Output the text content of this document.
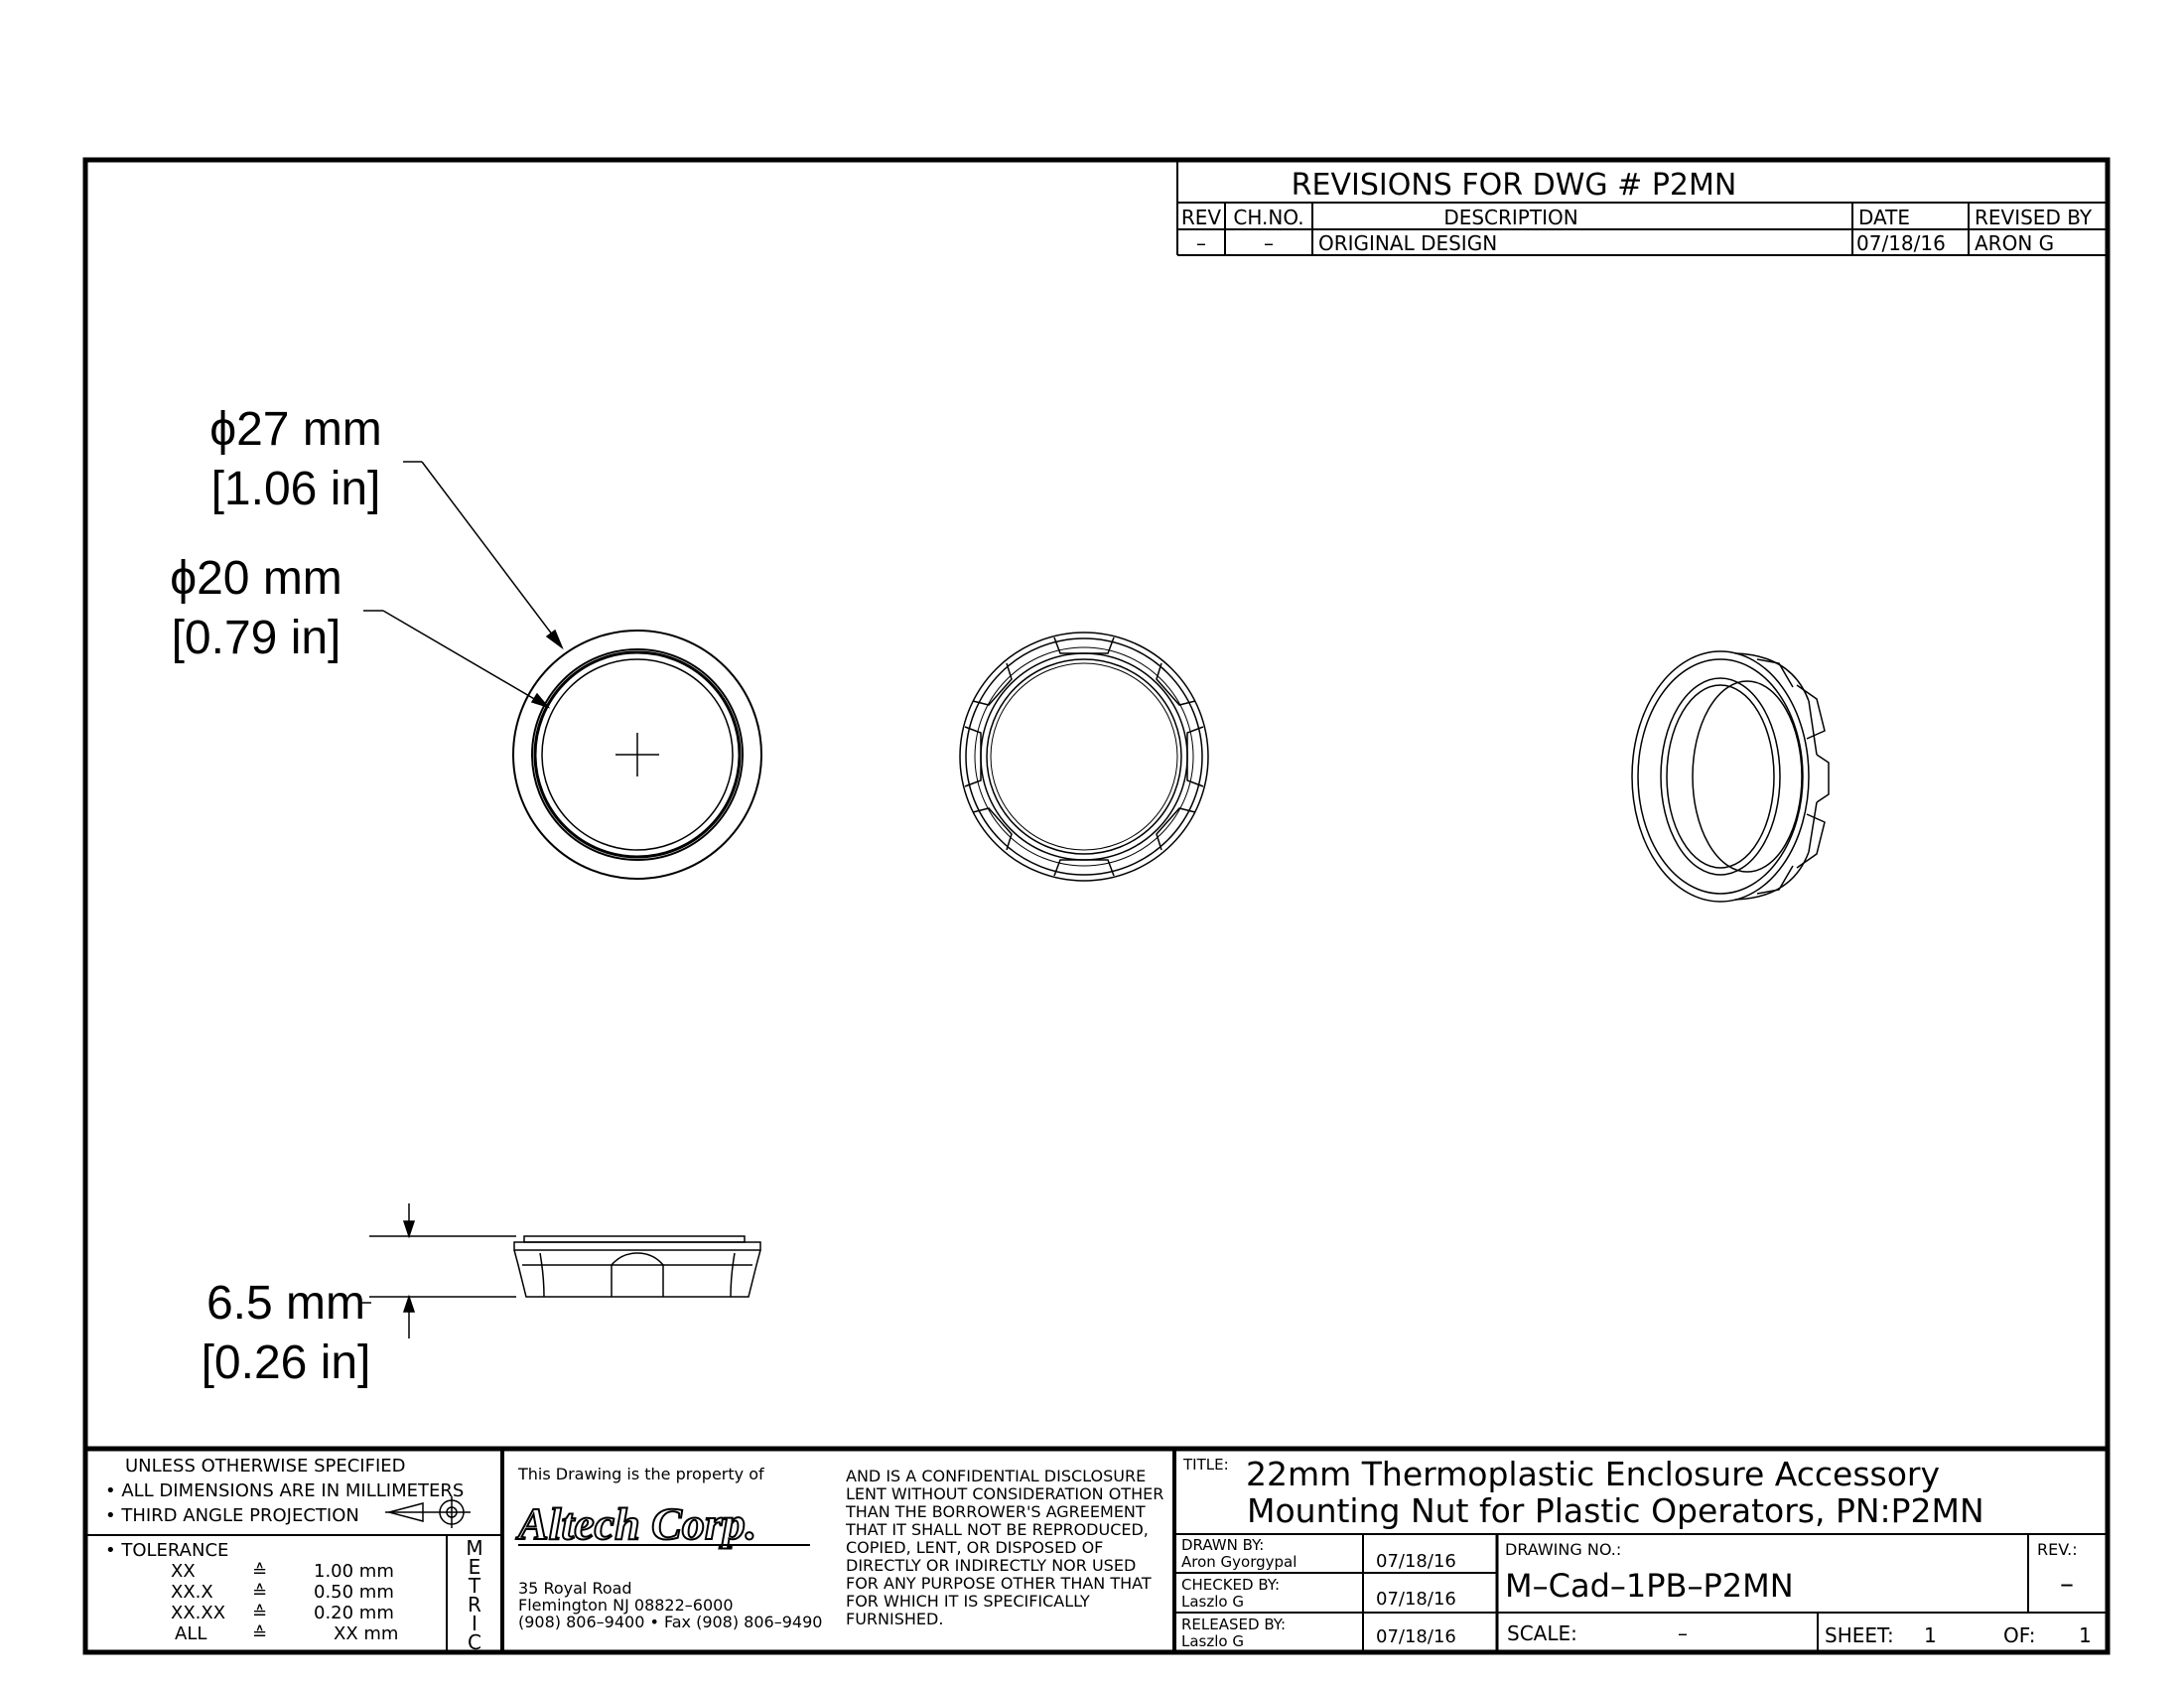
REVISIONS FOR DWG # P2MN
REV CH.NO.	DESCRIPTION	DATE	REVISED BY
–	– ORIGINAL DESIGN	07/18/16 ARON G
ϕ27 mm
[1.06 in]
ϕ20 mm
[0.79 in]
6.5 mm
[0.26 in]
UNLESS OTHERWISE SPECIFIED
• ALL DIMENSIONS ARE IN MILLIMETERS
• THIRD ANGLE PROJECTION
• TOLERANCE
XX	≙	1.00 mm
XX.X ≙	0.50 mm
XX.XX ≙	0.20 mm
ALL	≙	XX mm
M
E
T
R
I
C
This Drawing is the property of
Altech Corp.
35 Royal Road
Flemington NJ 08822–6000
(908) 806–9400 • Fax (908) 806–9490
AND IS A CONFIDENTIAL DISCLOSURE
LENT WITHOUT CONSIDERATION OTHER
THAN THE BORROWER'S AGREEMENT
THAT IT SHALL NOT BE REPRODUCED,
COPIED, LENT, OR DISPOSED OF
DIRECTLY OR INDIRECTLY NOR USED
FOR ANY PURPOSE OTHER THAN THAT
FOR WHICH IT IS SPECIFICALLY
FURNISHED.
TITLE: 22mm Thermoplastic Enclosure Accessory
Mounting Nut for Plastic Operators, PN:P2MN
DRAWN BY:
Aron Gyorgypal	07/18/16
CHECKED BY:
Laszlo G	07/18/16
RELEASED BY:
Laszlo G	07/18/16
DRAWING NO.:
M–Cad–1PB–P2MN
REV.:
–
SCALE:	–	SHEET: 1	OF: 1
